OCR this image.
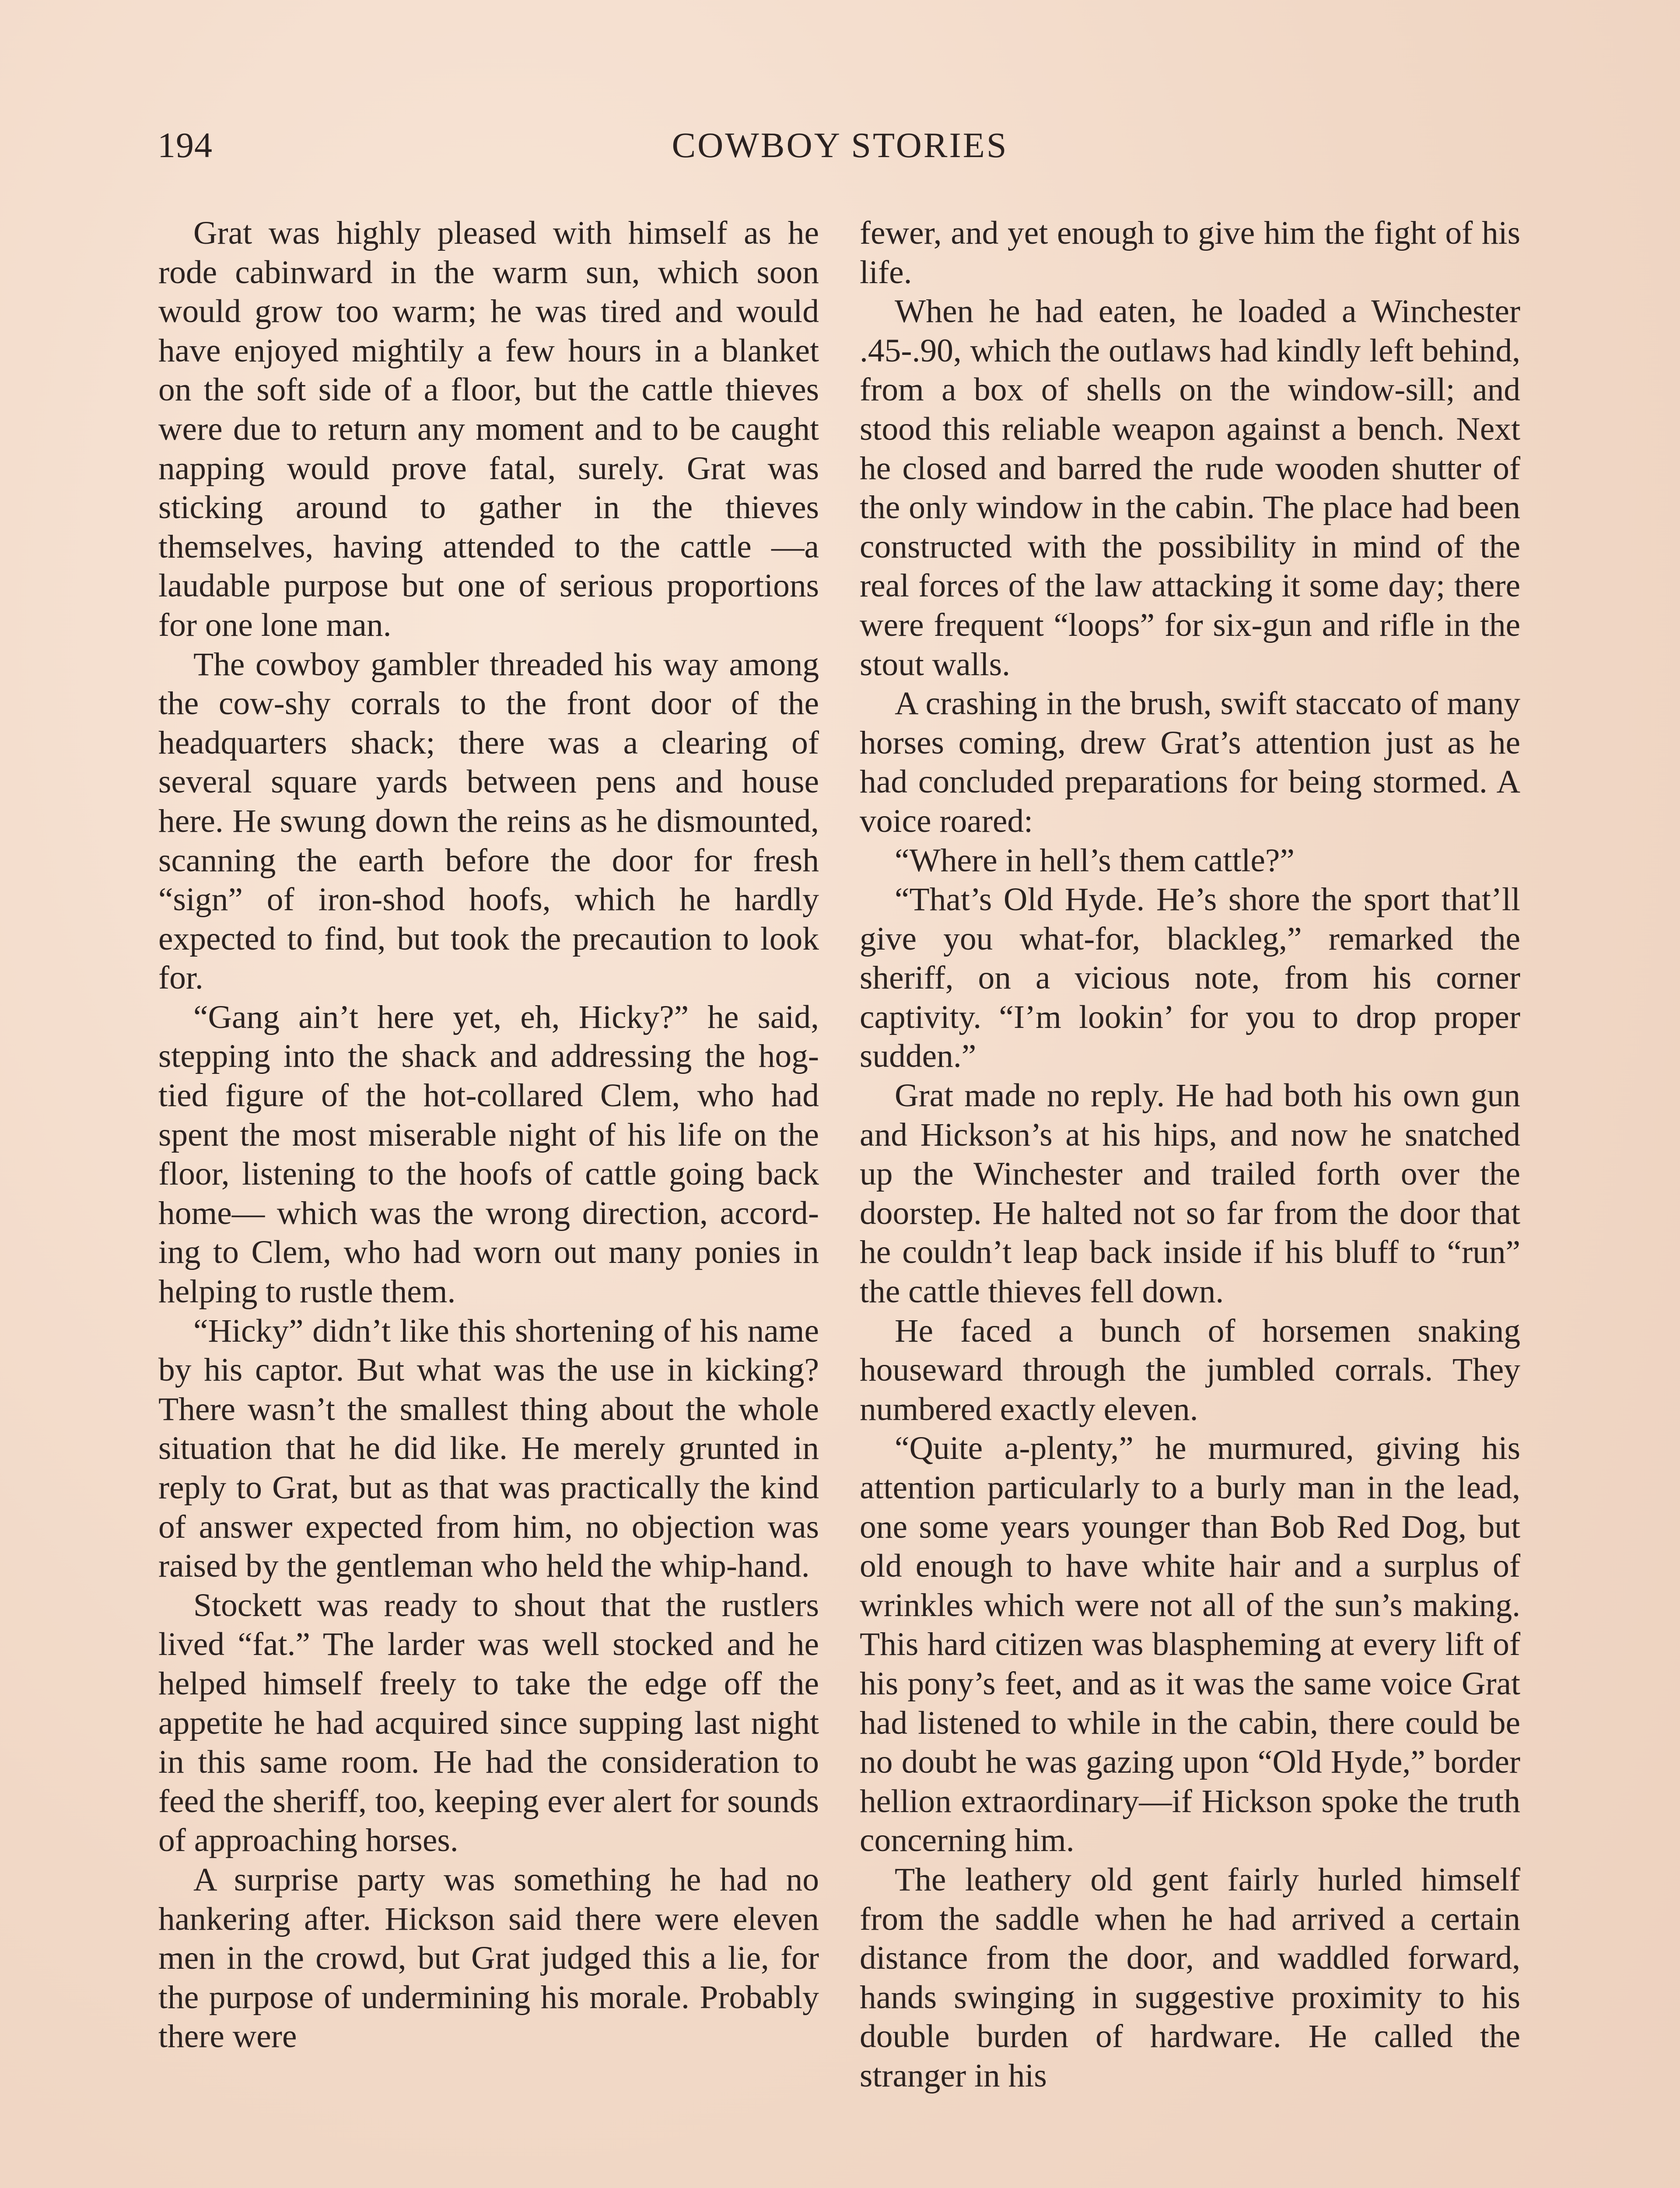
194	COWBOY STORIES

Grat was highly pleased with himself as he rode cabinward in the warm sun, which soon would grow too warm; he was tired and would have enjoyed mightily a few hours in a blanket on the soft side of a floor, but the cattle thieves were due to return any moment and to be caught napping would prove fatal, surely. Grat was sticking around to gather in the thieves themselves, having attended to the cattle —a laudable purpose but one of serious proportions for one lone man.

The cowboy gambler threaded his way among the cow-shy corrals to the front door of the headquarters shack; there was a clearing of several square yards between pens and house here. He swung down the reins as he dismounted, scanning the earth before the door for fresh “sign” of iron-shod hoofs, which he hardly expected to find, but took the precaution to look for.

“Gang ain’t here yet, eh, Hicky?” he said, stepping into the shack and addressing the hog-tied figure of the hot-collared Clem, who had spent the most miserable night of his life on the floor, listening to the hoofs of cattle going back home— which was the wrong direction, according to Clem, who had worn out many ponies in helping to rustle them.

“Hicky” didn’t like this shortening of his name by his captor. But what was the use in kicking? There wasn’t the smallest thing about the whole situation that he did like. He merely grunted in reply to Grat, but as that was practically the kind of answer expected from him, no objection was raised by the gentleman who held the whip-hand.

Stockett was ready to shout that the rustlers lived “fat.” The larder was well stocked and he helped himself freely to take the edge off the appetite he had acquired since supping last night in this same room. He had the consideration to feed the sheriff, too, keeping ever alert for sounds of approaching horses.

A surprise party was something he had no hankering after. Hickson said there were eleven men in the crowd, but Grat judged this a lie, for the purpose of undermining his morale. Probably there were

fewer, and yet enough to give him the fight of his life.

When he had eaten, he loaded a Winchester .45-.90, which the outlaws had kindly left behind, from a box of shells on the window-sill; and stood this reliable weapon against a bench. Next he closed and barred the rude wooden shutter of the only window in the cabin. The place had been constructed with the possibility in mind of the real forces of the law attacking it some day; there were frequent “loops” for six-gun and rifle in the stout walls.

A crashing in the brush, swift staccato of many horses coming, drew Grat’s attention just as he had concluded preparations for being stormed. A voice roared:

“Where in hell’s them cattle?”

“That’s Old Hyde. He’s shore the sport that’ll give you what-for, blackleg,” remarked the sheriff, on a vicious note, from his corner captivity. “I’m lookin’ for you to drop proper sudden.”

Grat made no reply. He had both his own gun and Hickson’s at his hips, and now he snatched up the Winchester and trailed forth over the doorstep. He halted not so far from the door that he couldn’t leap back inside if his bluff to “run” the cattle thieves fell down.

He faced a bunch of horsemen snaking houseward through the jumbled corrals. They numbered exactly eleven.

“Quite a-plenty,” he murmured, giving his attention particularly to a burly man in the lead, one some years younger than Bob Red Dog, but old enough to have white hair and a surplus of wrinkles which were not all of the sun’s making. This hard citizen was blaspheming at every lift of his pony’s feet, and as it was the same voice Grat had listened to while in the cabin, there could be no doubt he was gazing upon “Old Hyde,” border hellion extraordinary—if Hickson spoke the truth concerning him.

The leathery old gent fairly hurled himself from the saddle when he had arrived a certain distance from the door, and waddled forward, hands swinging in suggestive proximity to his double burden of hardware. He called the stranger in his
